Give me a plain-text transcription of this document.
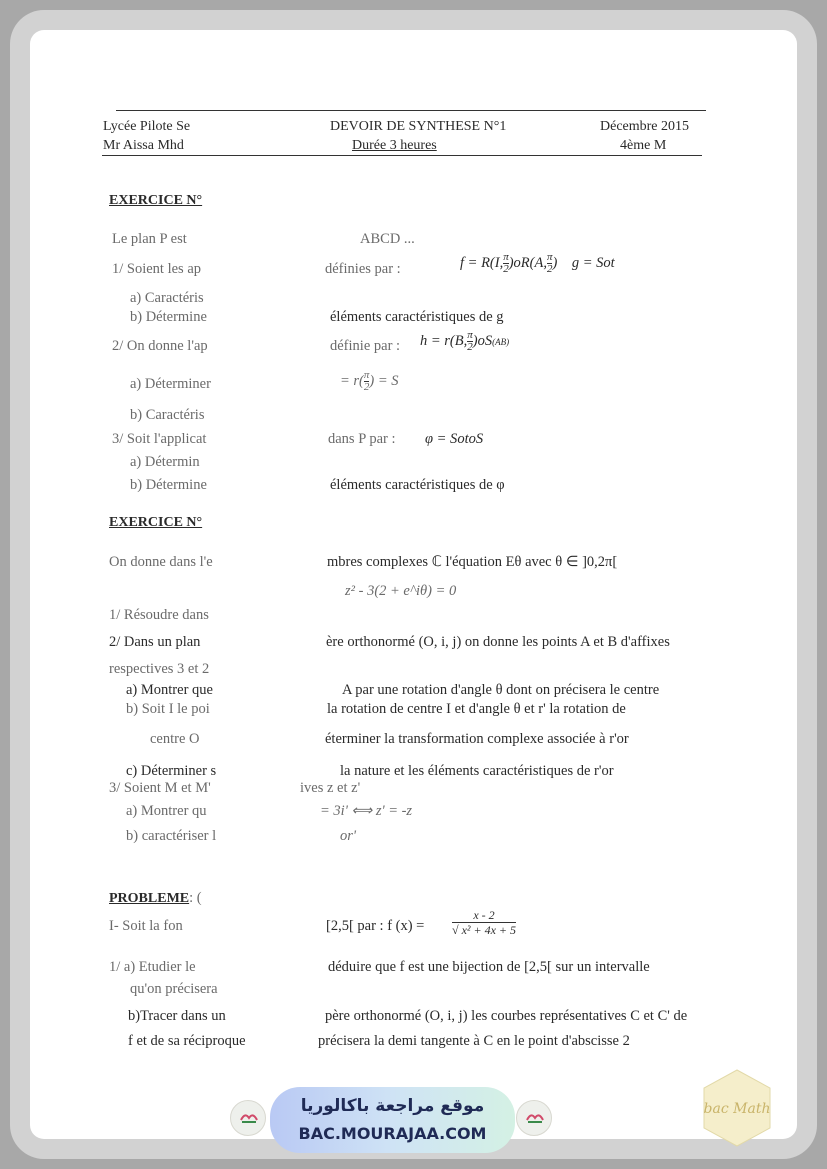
Lycée Pilote Se
Mr Aissa Mhd
DEVOIR DE SYNTHESE N°1
Durée 3 heures
Décembre 2015
4ème M
EXERCICE N°
Le plan P est	ABCD ...
1/ Soient les ap	définies par :	f = R(I, $\frac{\pi}{2} )oR(A$, $\frac{\pi}{2}$ )    g = Sot
a) Caractéris
b) Détermine	éléments caractéristiques de g
2/ On donne l'ap	définie par : h = r(B, $\frac{\pi}{2} )oS(AB)$
a) Déterminer	= $r( \frac{\pi}{2}$ ) = S
b) Caractéris
3/ Soit l'applicat	dans P par : φ = SotoS
a) Détermin
b) Détermine	éléments caractéristiques de φ
EXERCICE N°
On donne dans l'e	mbres complexes ℂ l'équation Eθ avec θ ∈ ]0,2π[
z² - 3(2 + e^iθ) = 0
1/ Résoudre dans
2/ Dans un plan	ère orthonormé (O, i, j) on donne les points A et B d'affixes
respectives 3 et 2
a) Montrer que	A par une rotation d'angle θ dont on précisera le centre
b) Soit I le poi	la rotation de centre I et d'angle θ et r' la rotation de
centre O	éterminer la transformation complexe associée à r'or
c) Déterminer s	la nature et les éléments caractéristiques de r'or
3/ Soient M et M'	ives z et z'
a) Montrer qu	= 3i' ⟺ z' = -z
b) caractériser l	or'
PROBLEME: (
I- Soit la fon	[2,5[ par : f $(x) = \frac{x - 2}{\text{√ x² + 4x + 5}}$
1/ a) Etudier le	déduire que f est une bijection de [2,5[ sur un intervalle
qu'on précisera
b)Tracer dans un	père orthonormé (O, i, j) les courbes représentatives C et C' de
f et de sa réciproque	précisera la demi tangente à C en le point d'abscisse 2
موقع مراجعة باكالوريا
BAC.MOURAJAA.COM
bac Math
